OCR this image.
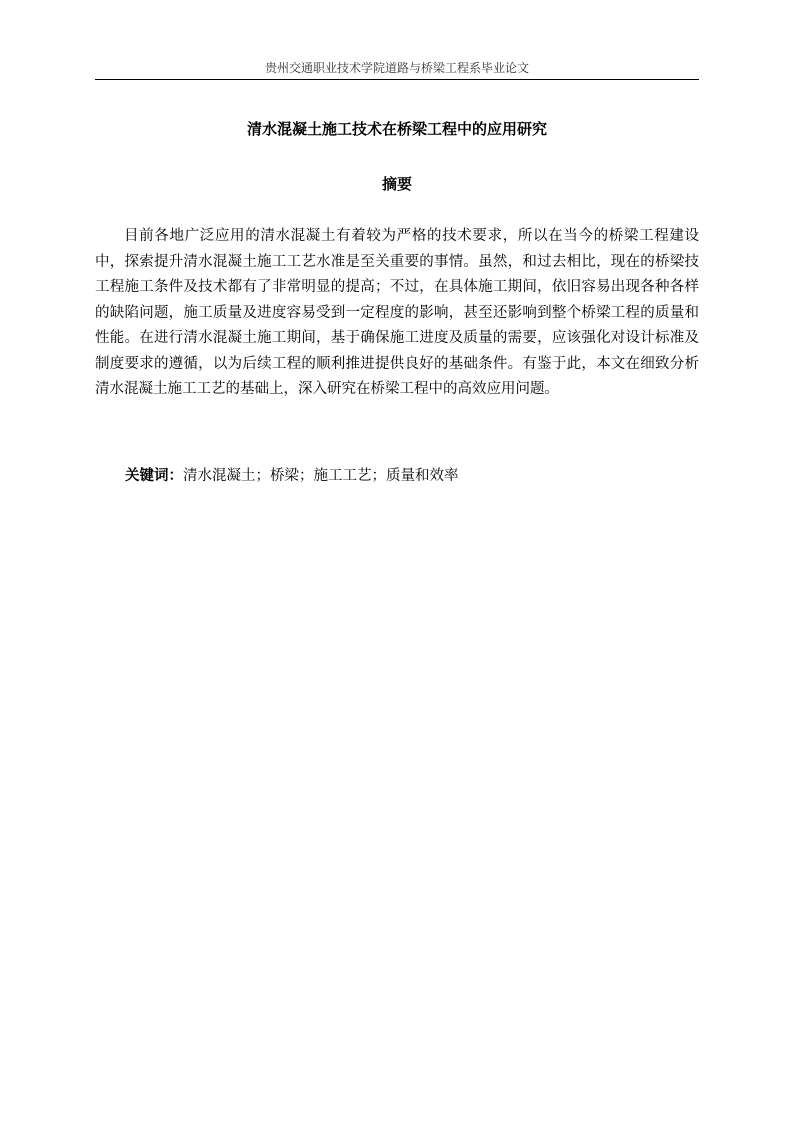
贵州交通职业技术学院道路与桥梁工程系毕业论文
清水混凝土施工技术在桥梁工程中的应用研究
摘要

目前各地广泛应用的清水混凝土有着较为严格的技术要求，所以在当今的桥梁工程建设中，探索提升清水混凝土施工工艺水准是至关重要的事情。虽然，和过去相比，现在的桥梁技工程施工条件及技术都有了非常明显的提高；不过，在具体施工期间，依旧容易出现各种各样的缺陷问题，施工质量及进度容易受到一定程度的影响，甚至还影响到整个桥梁工程的质量和性能。在进行清水混凝土施工期间，基于确保施工进度及质量的需要，应该强化对设计标准及制度要求的遵循，以为后续工程的顺利推进提供良好的基础条件。有鉴于此，本文在细致分析清水混凝土施工工艺的基础上，深入研究在桥梁工程中的高效应用问题。

关键词：清水混凝土；桥梁；施工工艺；质量和效率
